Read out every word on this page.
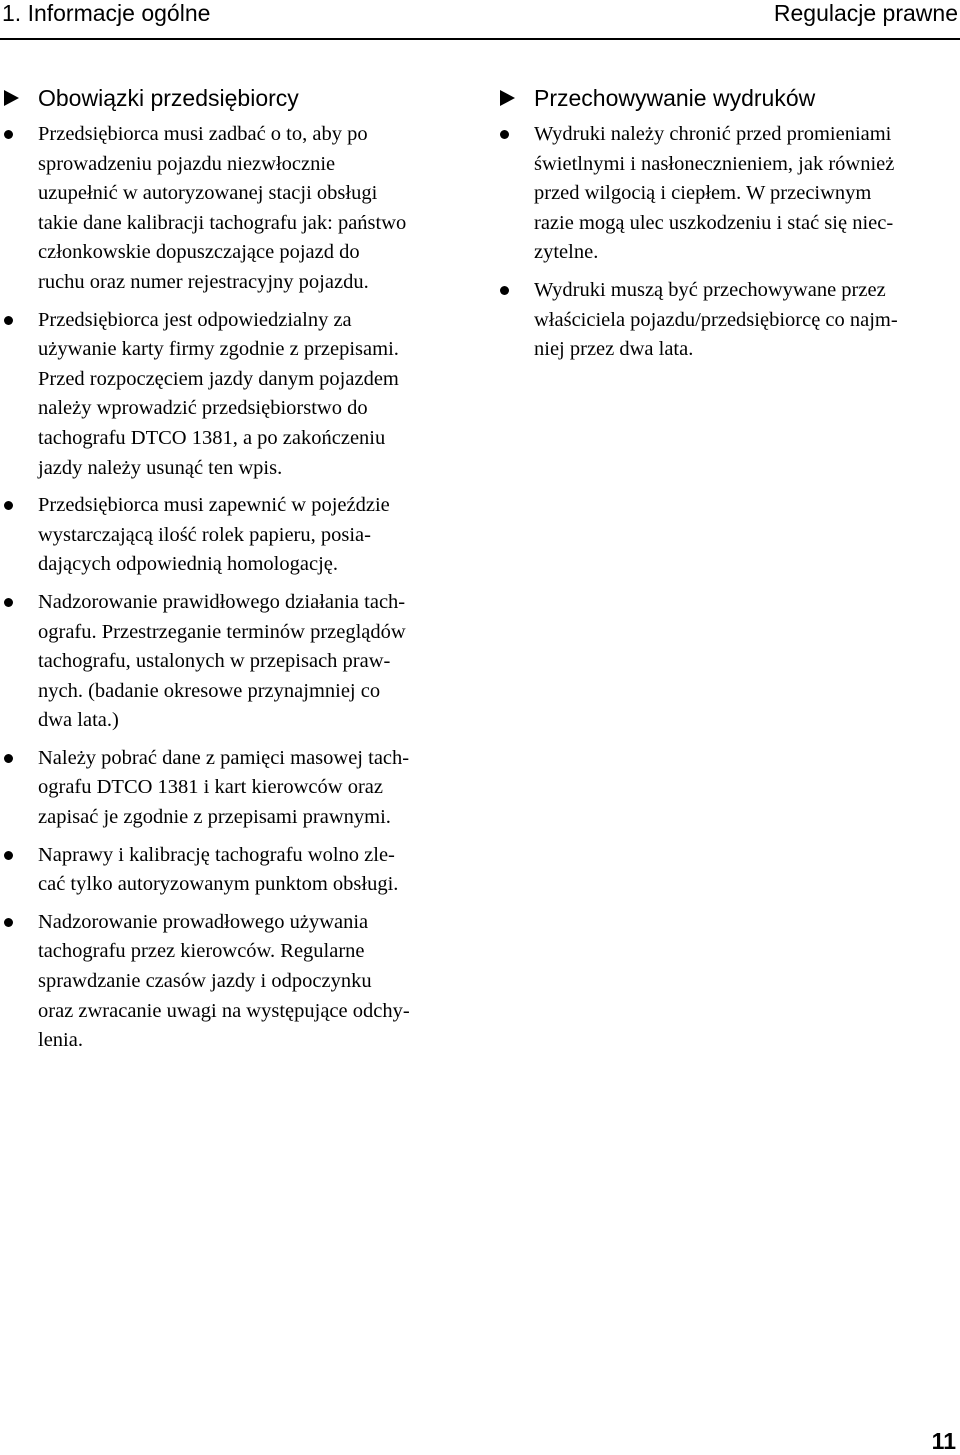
1. Informacje ogólne	Regulacje prawne
Obowiązki przedsiębiorcy
Przedsiębiorca musi zadbać o to, aby po
sprowadzeniu pojazdu niezwłocznie
uzupełnić w autoryzowanej stacji obsługi
takie dane kalibracji tachografu jak: państwo
członkowskie dopuszczające pojazd do
ruchu oraz numer rejestracyjny pojazdu.
Przedsiębiorca jest odpowiedzialny za
używanie karty firmy zgodnie z przepisami.
Przed rozpoczęciem jazdy danym pojazdem
należy wprowadzić przedsiębiorstwo do
tachografu DTCO 1381, a po zakończeniu
jazdy należy usunąć ten wpis.
Przedsiębiorca musi zapewnić w pojeździe
wystarczającą ilość rolek papieru, posia-
dających odpowiednią homologację.
Nadzorowanie prawidłowego działania tach-
ografu. Przestrzeganie terminów przeglądów
tachografu, ustalonych w przepisach praw-
nych. (badanie okresowe przynajmniej co
dwa lata.)
Należy pobrać dane z pamięci masowej tach-
ografu DTCO 1381 i kart kierowców oraz
zapisać je zgodnie z przepisami prawnymi.
Naprawy i kalibrację tachografu wolno zle-
cać tylko autoryzowanym punktom obsługi.
Nadzorowanie prowadłowego używania
tachografu przez kierowców. Regularne
sprawdzanie czasów jazdy i odpoczynku
oraz zwracanie uwagi na występujące odchy-
lenia.
Przechowywanie wydruków
Wydruki należy chronić przed promieniami
świetlnymi i nasłonecznieniem, jak również
przed wilgocią i ciepłem. W przeciwnym
razie mogą ulec uszkodzeniu i stać się niec-
zytelne.
Wydruki muszą być przechowywane przez
właściciela pojazdu/przedsiębiorcę co najm-
niej przez dwa lata.
11
